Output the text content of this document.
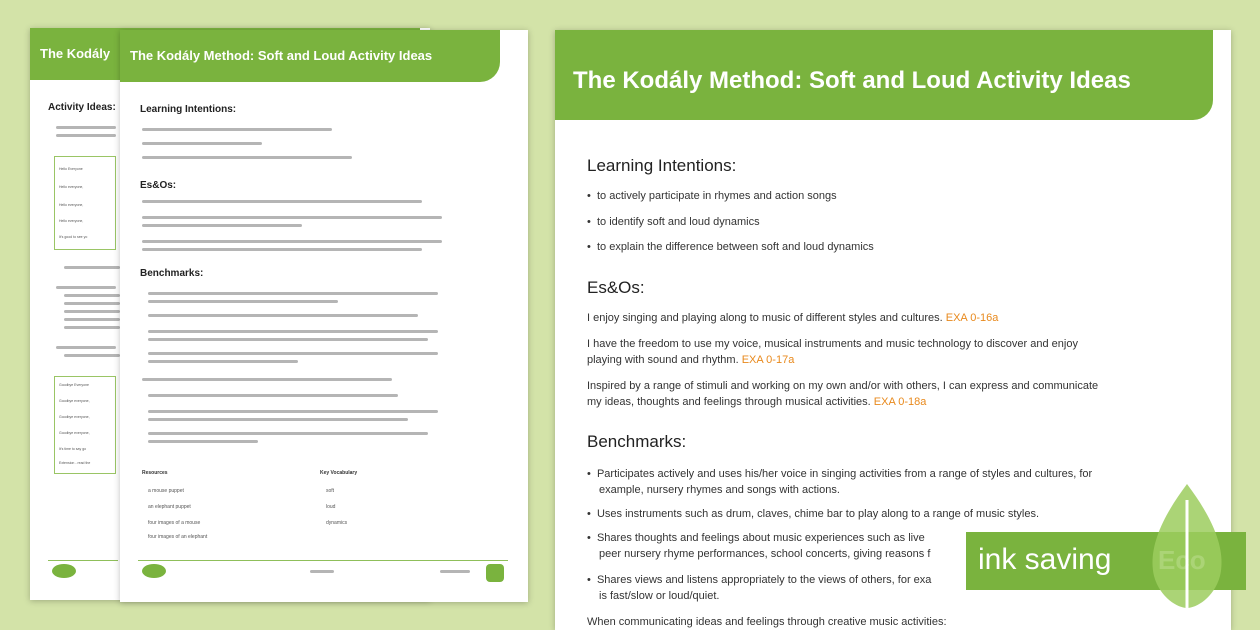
The Kodály
Activity Ideas:
Hello Everyone
Hello everyone,
Hello everyone,
Hello everyone,
It's good to see yo
Goodbye Everyone
Goodbye everyone,
Goodbye everyone,
Goodbye everyone,
It's time to say go
Extension - read the
The Kodály Method: Soft and Loud Activity Ideas
Learning Intentions:
Es&Os:
Benchmarks:
Resources
a mouse puppet
an elephant puppet
four images of a mouse
four images of an elephant
Key Vocabulary
soft
loud
dynamics
The Kodály Method: Soft and Loud Activity Ideas
Learning Intentions:
•  to actively participate in rhymes and action songs
•  to identify soft and loud dynamics
•  to explain the difference between soft and loud dynamics
Es&Os:
I enjoy singing and playing along to music of different styles and cultures. EXA 0-16a
I have the freedom to use my voice, musical instruments and music technology to discover and enjoy playing with sound and rhythm. EXA 0-17a
Inspired by a range of stimuli and working on my own and/or with others, I can express and communicate my ideas, thoughts and feelings through musical activities. EXA 0-18a
Benchmarks:
•  Participates actively and uses his/her voice in singing activities from a range of styles and cultures, for example, nursery rhymes and songs with actions.
•  Uses instruments such as drum, claves, chime bar to play along to a range of music styles.
•  Shares thoughts and feelings about music experiences such as live
peer nursery rhyme performances, school concerts, giving reasons f
•  Shares views and listens appropriately to the views of others, for exa
is fast/slow or loud/quiet.
When communicating ideas and feelings through creative music activities:
ink saving
